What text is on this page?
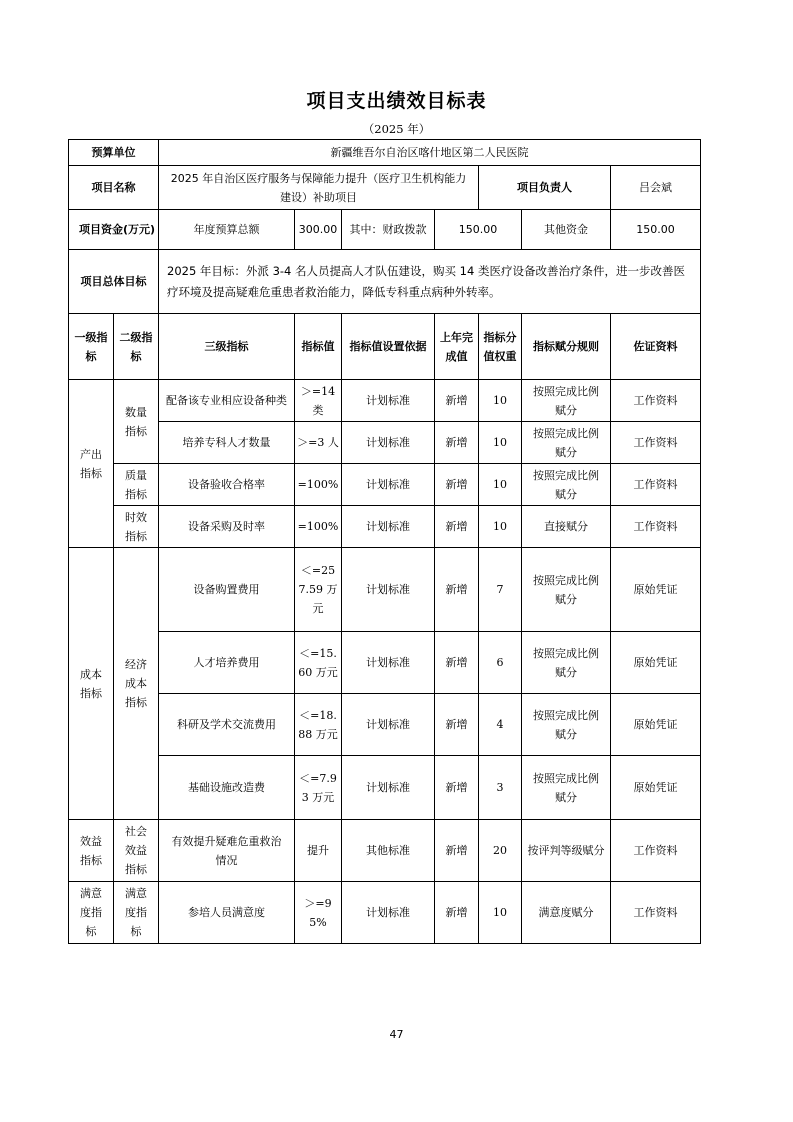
项目支出绩效目标表
（2025 年）
预算单位		新疆维吾尔自治区喀什地区第二人民医院						
项目名称		2025 年自治区医疗服务与保障能力提升（医疗卫生机构能力建设）补助项目				项目负责人		吕会斌
项目资金(万元)		年度预算总额	300.00	其中：财政拨款	150.00		其他资金	150.00
项目总体目标		2025 年目标：外派 3-4 名人员提高人才队伍建设，购买 14 类医疗设备改善治疗条件，进一步改善医疗环境及提高疑难危重患者救治能力，降低专科重点病种外转率。						
一级指标	二级指标	三级指标	指标值	指标值设置依据	上年完成值	指标分值权重	指标赋分规则	佐证资料
产出指标	数量指标	配备该专业相应设备种类	＞=14 类	计划标准	新增	10	按照完成比例赋分	工作资料
		培养专科人才数量	＞=3 人	计划标准	新增	10	按照完成比例赋分	工作资料
	质量指标	设备验收合格率	=100%	计划标准	新增	10	按照完成比例赋分	工作资料
	时效指标	设备采购及时率	=100%	计划标准	新增	10	直接赋分	工作资料
成本指标	经济成本指标	设备购置费用	＜=257.59 万元	计划标准	新增	7	按照完成比例赋分	原始凭证
		人才培养费用	＜=15.60 万元	计划标准	新增	6	按照完成比例赋分	原始凭证
		科研及学术交流费用	＜=18.88 万元	计划标准	新增	4	按照完成比例赋分	原始凭证
		基础设施改造费	＜=7.93 万元	计划标准	新增	3	按照完成比例赋分	原始凭证
效益指标	社会效益指标	有效提升疑难危重救治情况	提升	其他标准	新增	20	按评判等级赋分	工作资料
满意度指标	满意度指标	参培人员满意度	＞=95%	计划标准	新增	10	满意度赋分	工作资料
47
